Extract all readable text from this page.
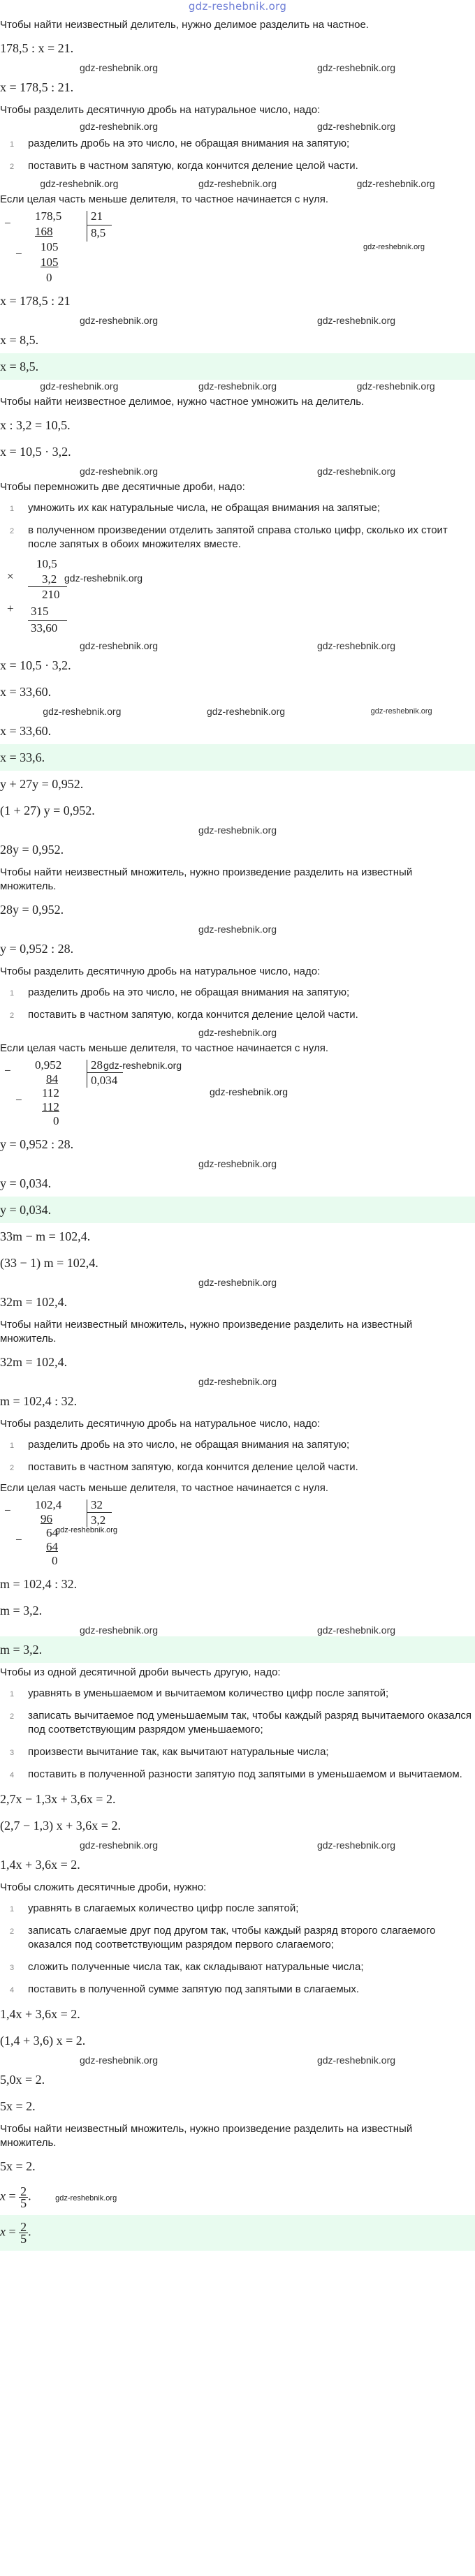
gdz-reshebnik.org
Чтобы найти неизвестный делитель, нужно делимое разделить на частное.
178,5 : x = 21.
gdz-reshebnik.org	gdz-reshebnik.org
x = 178,5 : 21.
Чтобы разделить десятичную дробь на натуральное число, надо:
gdz-reshebnik.org	gdz-reshebnik.org
1 разделить дробь на это число, не обращая внимания на запятую;
2 поставить в частном запятую, когда кончится деление целой части.
gdz-reshebnik.org	gdz-reshebnik.org	gdz-reshebnik.org
Если целая часть меньше делителя, то частное начинается с нуля.
−
178,5
168
−
105
105
0
21
8,5
gdz-reshebnik.org
x = 178,5 : 21
gdz-reshebnik.org	gdz-reshebnik.org
x = 8,5.
x = 8,5.
gdz-reshebnik.org	gdz-reshebnik.org	gdz-reshebnik.org
Чтобы найти неизвестное делимое, нужно частное умножить на делитель.
x : 3,2 = 10,5.
x = 10,5 · 3,2.
gdz-reshebnik.org	gdz-reshebnik.org
Чтобы перемножить две десятичные дроби, надо:
1 умножить их как натуральные числа, не обращая внимания на запятые;
2 в полученном произведении отделить запятой справа столько цифр, сколько их стоит после запятых в обоих множителях вместе.
×
10,5
3,2
210
+ 315
33,60
gdz-reshebnik.org
gdz-reshebnik.org	gdz-reshebnik.org
x = 10,5 · 3,2.
x = 33,60.
gdz-reshebnik.org	gdz-reshebnik.org	gdz-reshebnik.org
x = 33,60.
x = 33,6.
y + 27y = 0,952.
(1 + 27) y = 0,952.
gdz-reshebnik.org
28y = 0,952.
Чтобы найти неизвестный множитель, нужно произведение разделить на известный множитель.
28y = 0,952.
gdz-reshebnik.org
y = 0,952 : 28.
Чтобы разделить десятичную дробь на натуральное число, надо:
1 разделить дробь на это число, не обращая внимания на запятую;
2 поставить в частном запятую, когда кончится деление целой части.
gdz-reshebnik.org
Если целая часть меньше делителя, то частное начинается с нуля.
− 0,952
84
−
112
112
0
28
0,034
gdz-reshebnik.org
gdz-reshebnik.org
y = 0,952 : 28.
gdz-reshebnik.org
y = 0,034.
y = 0,034.
33m − m = 102,4.
(33 − 1) m = 102,4.
gdz-reshebnik.org
32m = 102,4.
Чтобы найти неизвестный множитель, нужно произведение разделить на известный множитель.
32m = 102,4.
gdz-reshebnik.org
m = 102,4 : 32.
Чтобы разделить десятичную дробь на натуральное число, надо:
1 разделить дробь на это число, не обращая внимания на запятую;
2 поставить в частном запятую, когда кончится деление целой части.
Если целая часть меньше делителя, то частное начинается с нуля.
− 102,4
96
−
64
64
0
32
3,2
gdz-reshebnik.org
m = 102,4 : 32.
m = 3,2.
gdz-reshebnik.org	gdz-reshebnik.org
m = 3,2.
Чтобы из одной десятичной дроби вычесть другую, надо:
1 уравнять в уменьшаемом и вычитаемом количество цифр после запятой;
2 записать вычитаемое под уменьшаемым так, чтобы каждый разряд вычитаемого оказался под соответствующим разрядом уменьшаемого;
3 произвести вычитание так, как вычитают натуральные числа;
4 поставить в полученной разности запятую под запятыми в уменьшаемом и вычитаемом.
2,7x − 1,3x + 3,6x = 2.
(2,7 − 1,3) x + 3,6x = 2.
gdz-reshebnik.org	gdz-reshebnik.org
1,4x + 3,6x = 2.
Чтобы сложить десятичные дроби, нужно:
1 уравнять в слагаемых количество цифр после запятой;
2 записать слагаемые друг под другом так, чтобы каждый разряд второго слагаемого оказался под соответствующим разрядом первого слагаемого;
3 сложить полученные числа так, как складывают натуральные числа;
4 поставить в полученной сумме запятую под запятыми в слагаемых.
1,4x + 3,6x = 2.
(1,4 + 3,6) x = 2.
gdz-reshebnik.org	gdz-reshebnik.org
5,0x = 2.
5x = 2.
Чтобы найти неизвестный множитель, нужно произведение разделить на известный множитель.
5x = 2.
$x = \frac{2}{5}$ .	gdz-reshebnik.org
$x = \frac{2}{5}$ .
